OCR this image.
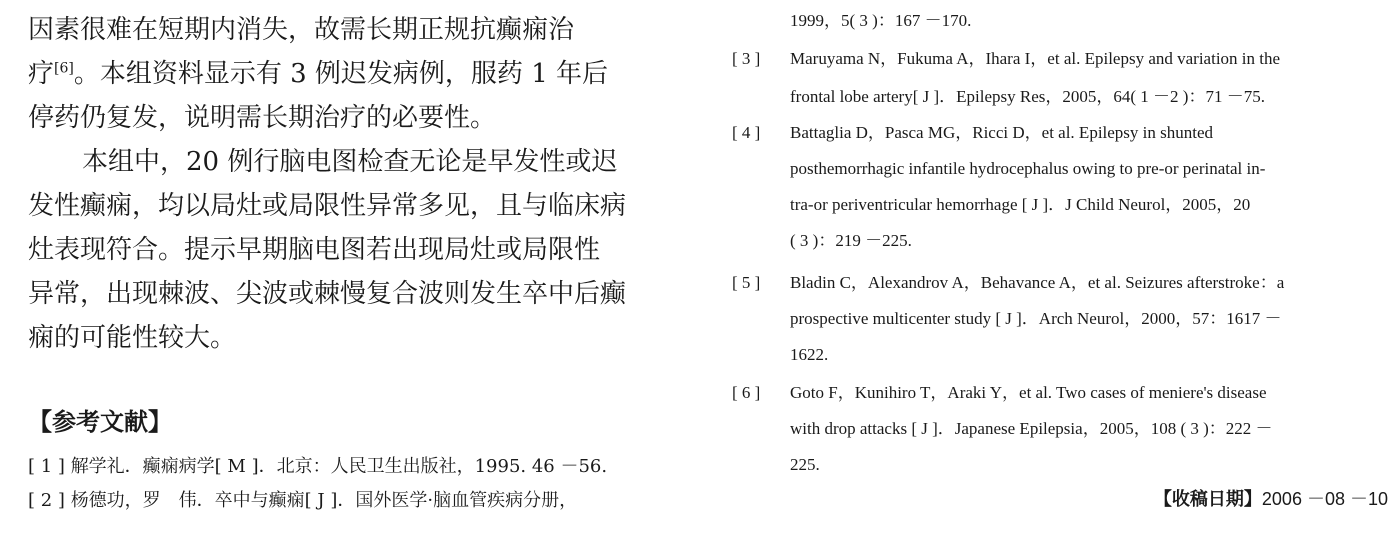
因素很难在短期内消失，故需长期正规抗癫痫治
疗[6]。本组资料显示有 3 例迟发病例，服药 1 年后
停药仍复发，说明需长期治疗的必要性。
本组中，20 例行脑电图检查无论是早发性或迟
发性癫痫，均以局灶或局限性异常多见，且与临床病
灶表现符合。提示早期脑电图若出现局灶或局限性
异常，出现棘波、尖波或棘慢复合波则发生卒中后癫
痫的可能性较大。
【参考文献】
[ 1 ] 解学礼．癫痫病学[ M ]．北京：人民卫生出版社，1995. 46 －56.
[ 2 ] 杨德功，罗　伟．卒中与癫痫[ J ]．国外医学·脑血管疾病分册，
1999，5( 3 )：167 －170.
[ 3 ] Maruyama N，Fukuma A，Ihara I，et al. Epilepsy and variation in the
frontal lobe artery[ J ]．Epilepsy Res，2005，64( 1 －2 )：71 －75.
[ 4 ] Battaglia D，Pasca MG，Ricci D，et al. Epilepsy in shunted
posthemorrhagic infantile hydrocephalus owing to pre-or perinatal in-
tra-or periventricular hemorrhage [ J ]．J Child Neurol，2005，20
( 3 )：219 －225.
[ 5 ] Bladin C，Alexandrov A，Behavance A，et al. Seizures afterstroke：a
prospective multicenter study [ J ]．Arch Neurol，2000，57：1617 －
1622.
[ 6 ] Goto F，Kunihiro T，Araki Y，et al. Two cases of meniere's disease
with drop attacks [ J ]．Japanese Epilepsia，2005，108 ( 3 )：222 －
225.
【收稿日期】2006 －08 －10
